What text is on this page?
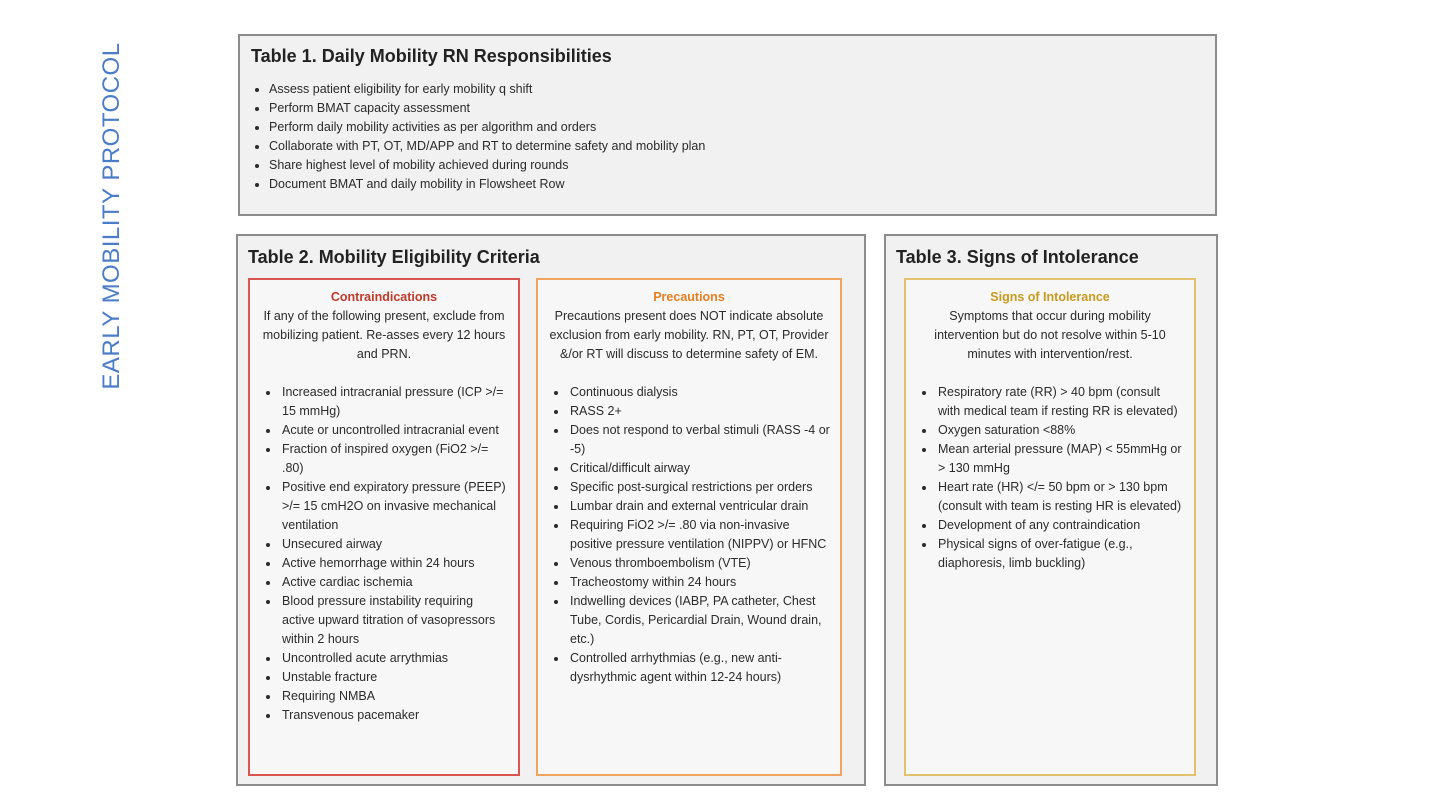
EARLY MOBILITY PROTOCOL	Table 1. Daily Mobility RN Responsibilities
• Assess patient eligibility for early mobility q shift
• Perform BMAT capacity assessment
• Perform daily mobility activities as per algorithm and orders
• Collaborate with PT, OT, MD/APP and RT to determine safety and mobility plan
• Share highest level of mobility achieved during rounds
• Document BMAT and daily mobility in Flowsheet Row
Table 2. Mobility Eligibility Criteria
Contraindications
If any of the following present, exclude from mobilizing patient. Re-asses every 12 hours and PRN.
• Increased intracranial pressure (ICP >/= 15 mmHg)
• Acute or uncontrolled intracranial event
• Fraction of inspired oxygen (FiO2 >/= .80)
• Positive end expiratory pressure (PEEP) >/= 15 cmH2O on invasive mechanical ventilation
• Unsecured airway
• Active hemorrhage within 24 hours
• Active cardiac ischemia
• Blood pressure instability requiring active upward titration of vasopressors within 2 hours
• Uncontrolled acute arrythmias
• Unstable fracture
• Requiring NMBA
• Transvenous pacemaker
Precautions
Precautions present does NOT indicate absolute exclusion from early mobility. RN, PT, OT, Provider &/or RT will discuss to determine safety of EM.
• Continuous dialysis
• RASS 2+
• Does not respond to verbal stimuli (RASS -4 or -5)
• Critical/difficult airway
• Specific post-surgical restrictions per orders
• Lumbar drain and external ventricular drain
• Requiring FiO2 >/= .80 via non-invasive positive pressure ventilation (NIPPV) or HFNC
• Venous thromboembolism (VTE)
• Tracheostomy within 24 hours
• Indwelling devices (IABP, PA catheter, Chest Tube, Cordis, Pericardial Drain, Wound drain, etc.)
• Controlled arrhythmias (e.g., new anti-dysrhythmic agent within 12-24 hours)
Table 3. Signs of Intolerance
Signs of Intolerance
Symptoms that occur during mobility intervention but do not resolve within 5-10 minutes with intervention/rest.
• Respiratory rate (RR) > 40 bpm (consult with medical team if resting RR is elevated)
• Oxygen saturation <88%
• Mean arterial pressure (MAP) < 55mmHg or > 130 mmHg
• Heart rate (HR) </= 50 bpm or > 130 bpm (consult with team is resting HR is elevated)
• Development of any contraindication
• Physical signs of over-fatigue (e.g., diaphoresis, limb buckling)
